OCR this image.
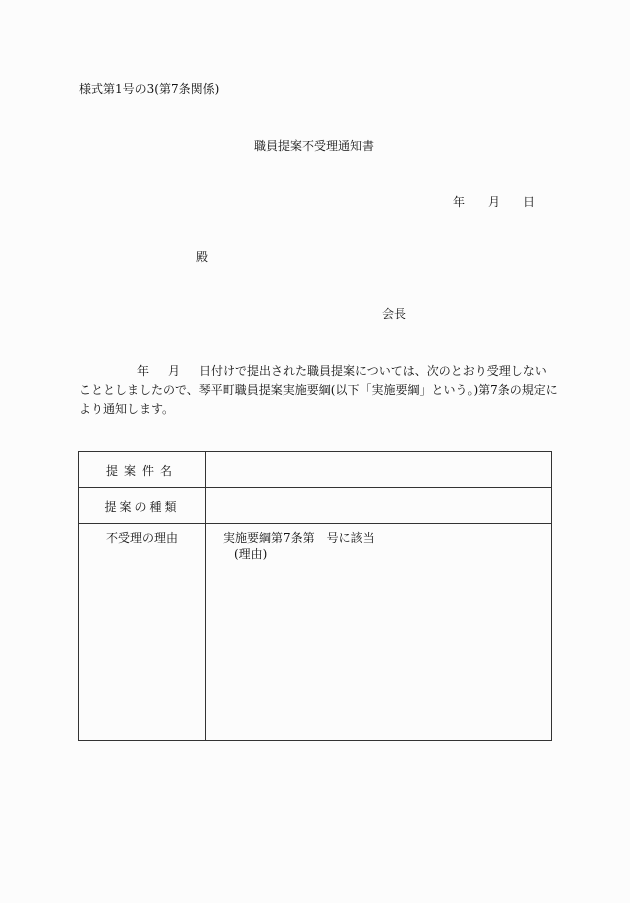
様式第1号の3(第7条関係)
職員提案不受理通知書
年 月 日
殿
会長
年 月 日付けで提出された職員提案については、次のとおり受理しない
こととしましたので、琴平町職員提案実施要綱(以下「実施要綱」という。)第7条の規定に
より通知します。
提案件名
提案の種類
不受理の理由	実施要綱第7条第　号に該当
(理由)
